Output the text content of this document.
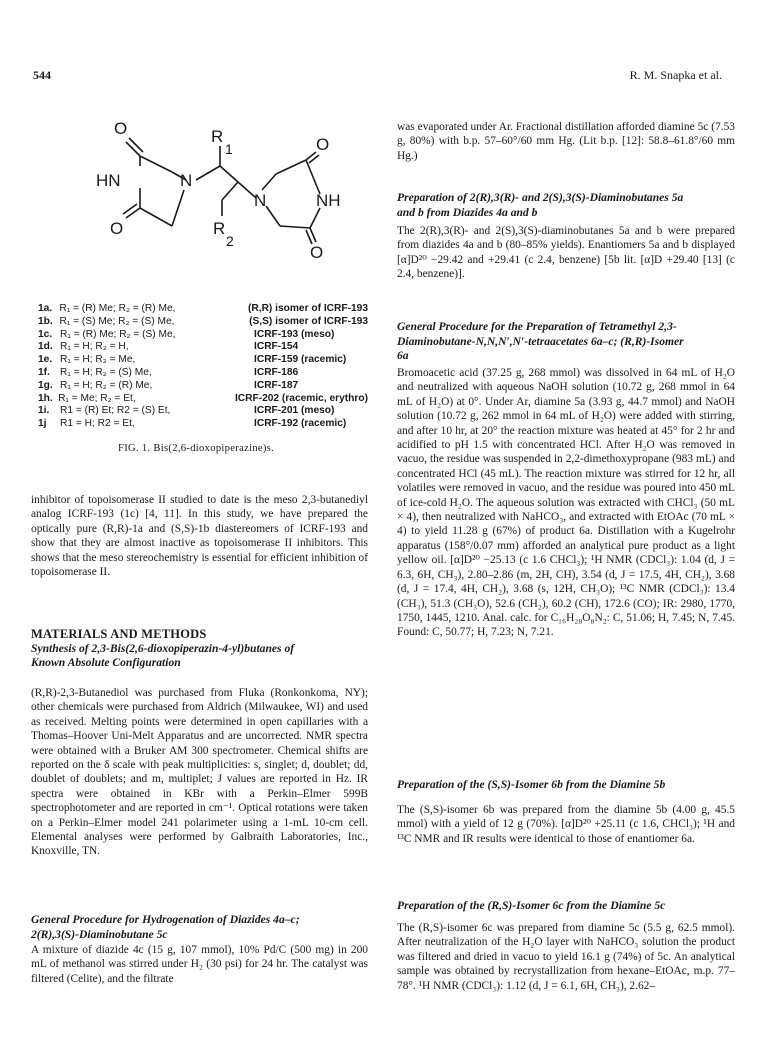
544	R. M. Snapka et al.
O
HN	N
O
R
1
R
2
N	NH
O
O
1a. R₁ = (R) Me; R₂ = (R) Me,	(R,R) isomer of ICRF-193
1b. R₁ = (S) Me; R₂ = (S) Me,	(S,S) isomer of ICRF-193
1c. R₁ = (R) Me; R₂ = (S) Me,	ICRF-193 (meso)
1d. R₁ = H; R₂ = H,	ICRF-154
1e. R₁ = H; R₂ = Me,	ICRF-159 (racemic)
1f. R₁ = H; R₂ = (S) Me,	ICRF-186
1g. R₁ = H; R₂ = (R) Me,	ICRF-187
1h. R₁ = Me; R₂ = Et,	ICRF-202 (racemic, erythro)
1i.	R1 = (R) Et; R2 = (S) Et,	ICRF-201 (meso)
1j	R1 = H; R2 = Et,	ICRF-192 (racemic)
FIG. 1. Bis(2,6-dioxopiperazine)s.

inhibitor of topoisomerase II studied to date is the meso 2,3-butanediyl analog ICRF-193 (1c) [4, 11]. In this study, we have prepared the optically pure (R,R)-1a and (S,S)-1b diastereomers of ICRF-193 and show that they are almost inactive as topoisomerase II inhibitors. This shows that the meso stereochemistry is essential for efficient inhibition of topoisomerase II.

MATERIALS AND METHODS

Synthesis of 2,3-Bis(2,6-dioxopiperazin-4-yl)butanes of Known Absolute Configuration

(R,R)-2,3-Butanediol was purchased from Fluka (Ronkonkoma, NY); other chemicals were purchased from Aldrich (Milwaukee, WI) and used as received. Melting points were determined in open capillaries with a Thomas–Hoover Uni-Melt Apparatus and are uncorrected. NMR spectra were obtained with a Bruker AM 300 spectrometer. Chemical shifts are reported on the δ scale with peak multiplicities: s, singlet; d, doublet; dd, doublet of doublets; and m, multiplet; J values are reported in Hz. IR spectra were obtained in KBr with a Perkin–Elmer 599B spectrophotometer and are reported in cm⁻¹. Optical rotations were taken on a Perkin–Elmer model 241 polarimeter using a 1-mL 10-cm cell. Elemental analyses were performed by Galbraith Laboratories, Inc., Knoxville, TN.

General Procedure for Hydrogenation of Diazides 4a–c; 2(R),3(S)-Diaminobutane 5c

A mixture of diazide 4c (15 g, 107 mmol), 10% Pd/C (500 mg) in 200 mL of methanol was stirred under H₂ (30 psi) for 24 hr. The catalyst was filtered (Celite), and the filtrate

was evaporated under Ar. Fractional distillation afforded diamine 5c (7.53 g, 80%) with b.p. 57–60°/60 mm Hg. (Lit b.p. [12]: 58.8–61.8°/60 mm Hg.)

Preparation of 2(R),3(R)- and 2(S),3(S)-Diaminobutanes 5a and b from Diazides 4a and b

The 2(R),3(R)- and 2(S),3(S)-diaminobutanes 5a and b were prepared from diazides 4a and b (80–85% yields). Enantiomers 5a and b displayed [α]D²⁰ −29.42 and +29.41 (c 2.4, benzene) [5b lit. [α]D +29.40 [13] (c 2.4, benzene)].

General Procedure for the Preparation of Tetramethyl 2,3-Diaminobutane-N,N,N′,N′-tetraacetates 6a–c; (R,R)-Isomer 6a

Bromoacetic acid (37.25 g, 268 mmol) was dissolved in 64 mL of H₂O and neutralized with aqueous NaOH solution (10.72 g, 268 mmol in 64 mL of H₂O) at 0°. Under Ar, diamine 5a (3.93 g, 44.7 mmol) and NaOH solution (10.72 g, 262 mmol in 64 mL of H₂O) were added with stirring, and after 10 hr, at 20° the reaction mixture was heated at 45° for 2 hr and acidified to pH 1.5 with concentrated HCl. After H₂O was removed in vacuo, the residue was suspended in 2,2-dimethoxypropane (983 mL) and concentrated HCl (45 mL). The reaction mixture was stirred for 12 hr, all volatiles were removed in vacuo, and the residue was poured into 450 mL of ice-cold H₂O. The aqueous solution was extracted with CHCl₃ (50 mL × 4), then neutralized with NaHCO₃, and extracted with EtOAc (70 mL × 4) to yield 11.28 g (67%) of product 6a. Distillation with a Kugelrohr apparatus (158°/0.07 mm) afforded an analytical pure product as a light yellow oil. [α]D²⁰ −25.13 (c 1.6 CHCl₃); ¹H NMR (CDCl₃): 1.04 (d, J = 6.3, 6H, CH₃), 2.80–2.86 (m, 2H, CH), 3.54 (d, J = 17.5, 4H, CH₂), 3.68 (d, J = 17.4, 4H, CH₂), 3.68 (s, 12H, CH₃O); ¹³C NMR (CDCl₃): 13.4 (CH₃), 51.3 (CH₃O), 52.6 (CH₂), 60.2 (CH), 172.6 (CO); IR: 2980, 1770, 1750, 1445, 1210. Anal. calc. for C₁₆H₂₈O₈N₂: C, 51.06; H, 7.45; N, 7.45. Found: C, 50.77; H, 7.23; N, 7.21.

Preparation of the (S,S)-Isomer 6b from the Diamine 5b

The (S,S)-isomer 6b was prepared from the diamine 5b (4.00 g, 45.5 mmol) with a yield of 12 g (70%). [α]D²⁰ +25.11 (c 1.6, CHCl₃); ¹H and ¹³C NMR and IR results were identical to those of enantiomer 6a.

Preparation of the (R,S)-Isomer 6c from the Diamine 5c

The (R,S)-isomer 6c was prepared from diamine 5c (5.5 g, 62.5 mmol). After neutralization of the H₂O layer with NaHCO₃ solution the product was filtered and dried in vacuo to yield 16.1 g (74%) of 5c. An analytical sample was obtained by recrystallization from hexane–EtOAc, m.p. 77–78°. ¹H NMR (CDCl₃): 1.12 (d, J = 6.1, 6H, CH₃), 2.62–
